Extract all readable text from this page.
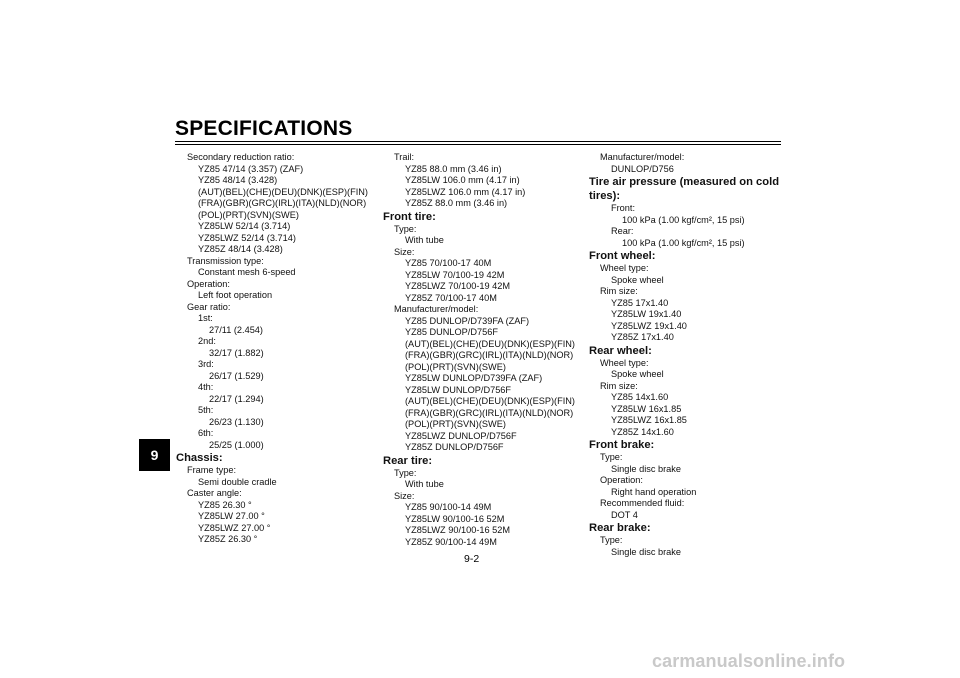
SPECIFICATIONS
9
Secondary reduction ratio:
YZ85 47/14 (3.357) (ZAF)
YZ85 48/14 (3.428)
(AUT)(BEL)(CHE)(DEU)(DNK)(ESP)(FIN)
(FRA)(GBR)(GRC)(IRL)(ITA)(NLD)(NOR)
(POL)(PRT)(SVN)(SWE)
YZ85LW 52/14 (3.714)
YZ85LWZ 52/14 (3.714)
YZ85Z 48/14 (3.428)
Transmission type:
Constant mesh 6-speed
Operation:
Left foot operation
Gear ratio:
1st:
27/11 (2.454)
2nd:
32/17 (1.882)
3rd:
26/17 (1.529)
4th:
22/17 (1.294)
5th:
26/23 (1.130)
6th:
25/25 (1.000)
Chassis:
Frame type:
Semi double cradle
Caster angle:
YZ85 26.30 °
YZ85LW 27.00 °
YZ85LWZ 27.00 °
YZ85Z 26.30 °
Trail:
YZ85 88.0 mm (3.46 in)
YZ85LW 106.0 mm (4.17 in)
YZ85LWZ 106.0 mm (4.17 in)
YZ85Z 88.0 mm (3.46 in)
Front tire:
Type:
With tube
Size:
YZ85 70/100-17 40M
YZ85LW 70/100-19 42M
YZ85LWZ 70/100-19 42M
YZ85Z 70/100-17 40M
Manufacturer/model:
YZ85 DUNLOP/D739FA (ZAF)
YZ85 DUNLOP/D756F
(AUT)(BEL)(CHE)(DEU)(DNK)(ESP)(FIN)
(FRA)(GBR)(GRC)(IRL)(ITA)(NLD)(NOR)
(POL)(PRT)(SVN)(SWE)
YZ85LW DUNLOP/D739FA (ZAF)
YZ85LW DUNLOP/D756F
(AUT)(BEL)(CHE)(DEU)(DNK)(ESP)(FIN)
(FRA)(GBR)(GRC)(IRL)(ITA)(NLD)(NOR)
(POL)(PRT)(SVN)(SWE)
YZ85LWZ DUNLOP/D756F
YZ85Z DUNLOP/D756F
Rear tire:
Type:
With tube
Size:
YZ85 90/100-14 49M
YZ85LW 90/100-16 52M
YZ85LWZ 90/100-16 52M
YZ85Z 90/100-14 49M
Manufacturer/model:
DUNLOP/D756
Tire air pressure (measured on cold
tires):
Front:
100 kPa (1.00 kgf/cm², 15 psi)
Rear:
100 kPa (1.00 kgf/cm², 15 psi)
Front wheel:
Wheel type:
Spoke wheel
Rim size:
YZ85 17x1.40
YZ85LW 19x1.40
YZ85LWZ 19x1.40
YZ85Z 17x1.40
Rear wheel:
Wheel type:
Spoke wheel
Rim size:
YZ85 14x1.60
YZ85LW 16x1.85
YZ85LWZ 16x1.85
YZ85Z 14x1.60
Front brake:
Type:
Single disc brake
Operation:
Right hand operation
Recommended fluid:
DOT 4
Rear brake:
Type:
Single disc brake
9-2
carmanualsonline.info
